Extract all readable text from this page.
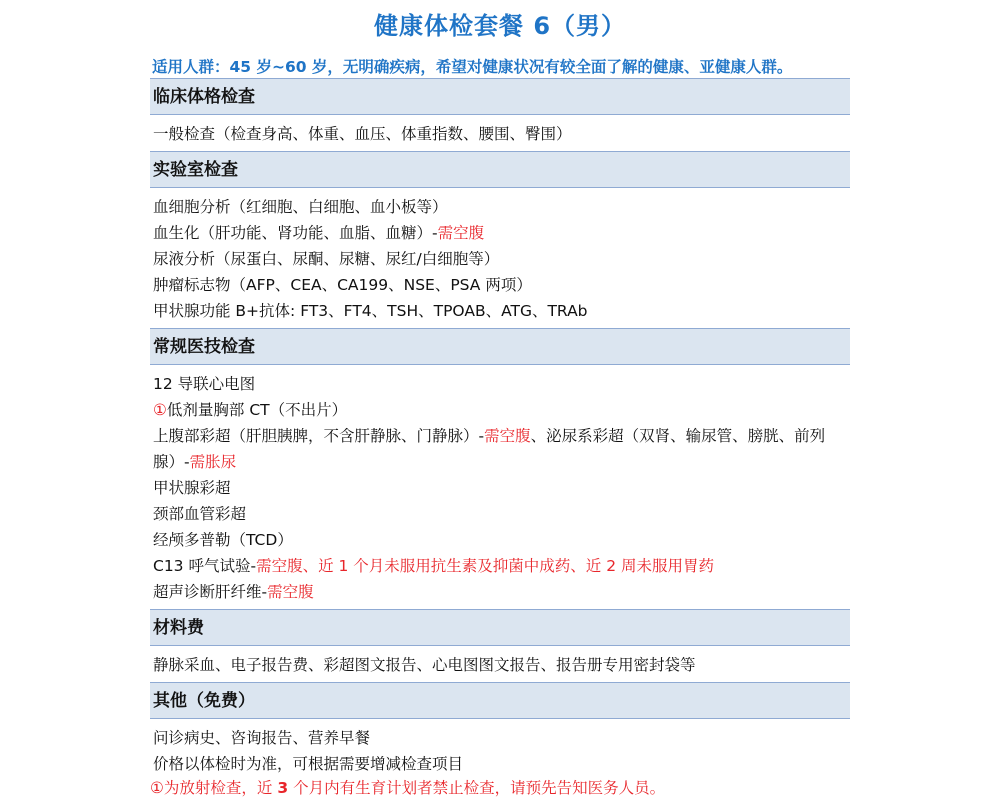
健康体检套餐 6（男）
适用人群：45 岁~60 岁，无明确疾病，希望对健康状况有较全面了解的健康、亚健康人群。
临床体格检查
一般检查（检查身高、体重、血压、体重指数、腰围、臀围）
实验室检查
血细胞分析（红细胞、白细胞、血小板等）
血生化（肝功能、肾功能、血脂、血糖）-需空腹
尿液分析（尿蛋白、尿酮、尿糖、尿红/白细胞等）
肿瘤标志物（AFP、CEA、CA199、NSE、PSA 两项）
甲状腺功能 B+抗体: FT3、FT4、TSH、TPOAB、ATG、TRAb
常规医技检查
12 导联心电图
①低剂量胸部 CT（不出片）
上腹部彩超（肝胆胰脾，不含肝静脉、门静脉）-需空腹、泌尿系彩超（双肾、输尿管、膀胱、前列腺）-需胀尿
甲状腺彩超
颈部血管彩超
经颅多普勒（TCD）
C13 呼气试验-需空腹、近 1 个月未服用抗生素及抑菌中成药、近 2 周未服用胃药
超声诊断肝纤维-需空腹
材料费
静脉采血、电子报告费、彩超图文报告、心电图图文报告、报告册专用密封袋等
其他（免费）
问诊病史、咨询报告、营养早餐
价格以体检时为准，可根据需要增减检查项目
①为放射检查，近 3 个月内有生育计划者禁止检查，请预先告知医务人员。
